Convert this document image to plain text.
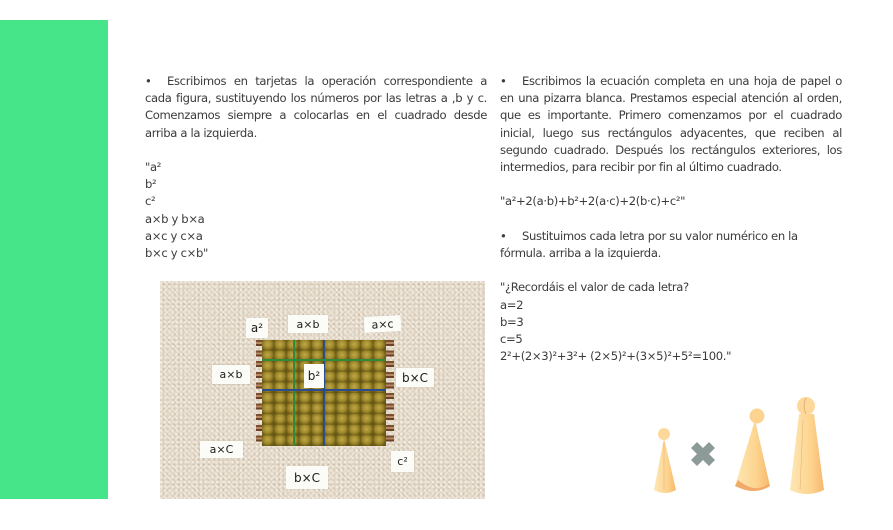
• Escribimos en tarjetas la operación correspondiente a cada figura, sustituyendo los números por las letras a ,b y c. Comenzamos siempre a colocarlas en el cuadrado desde arriba a la izquierda.

"a²

b²

c²

a×b y b×a

a×c y c×a

b×c y c×b"

• Escribimos la ecuación completa en una hoja de papel o en una pizarra blanca. Prestamos especial atención al orden, que es importante. Primero comenzamos por el cuadrado inicial, luego sus rectángulos adyacentes, que reciben al segundo cuadrado. Después los rectángulos exteriores, los intermedios, para recibir por fin al último cuadrado.

"a²+2(a·b)+b²+2(a·c)+2(b·c)+c²"

• Sustituimos cada letra por su valor numérico en la fórmula. arriba a la izquierda.

"¿Recordáis el valor de cada letra?

a=2

b=3

c=5

2²+(2×3)²+3²+ (2×5)²+(3×5)²+5²=100."

a²	a×b	a×c
a×b	b²	b×C
a×C
c²
b×C
